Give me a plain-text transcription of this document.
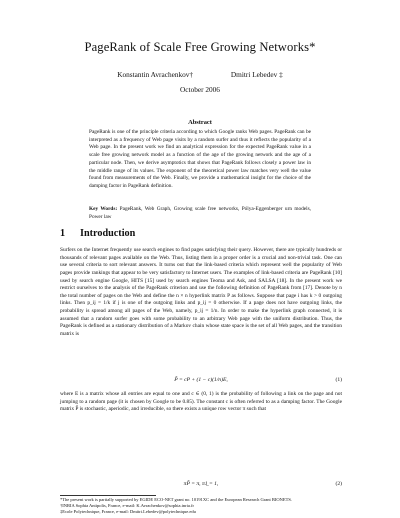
PageRank of Scale Free Growing Networks*
Konstantin Avrachenkov†	Dmitri Lebedev ‡
October 2006
Abstract
PageRank is one of the principle criteria according to which Google ranks Web pages. PageRank can be interpreted as a frequency of Web page visits by a random surfer and thus it reflects the popularity of a Web page. In the present work we find an analytical expression for the expected PageRank value in a scale free growing network model as a function of the age of the growing network and the age of a particular node. Then, we derive asymptotics that shows that PageRank follows closely a power law in the middle range of its values. The exponent of the theoretical power law matches very well the value found from measurements of the Web. Finally, we provide a mathematical insight for the choice of the damping factor in PageRank definition.
Key Words: PageRank, Web Graph, Growing scale free networks, Pólya-Eggenberger urn models, Power law
1 Introduction
Surfers on the Internet frequently use search engines to find pages satisfying their query. However, there are typically hundreds or thousands of relevant pages available on the Web. Thus, listing them in a proper order is a crucial and non-trivial task. One can use several criteria to sort relevant answers. It turns out that the link-based criteria which represent well the popularity of Web pages provide rankings that appear to be very satisfactory to Internet users. The examples of link-based criteria are PageRank [10] used by search engine Google, HITS [15] used by search engines Teoma and Ask, and SALSA [18]. In the present work we restrict ourselves to the analysis of the PageRank criterion and use the following definition of PageRank from [17]. Denote by n the total number of pages on the Web and define the n × n hyperlink matrix P as follows. Suppose that page i has k > 0 outgoing links. Then p_ij = 1/k if j is one of the outgoing links and p_ij = 0 otherwise. If a page does not have outgoing links, the probability is spread among all pages of the Web, namely, p_ij = 1/n. In order to make the hyperlink graph connected, it is assumed that a random surfer goes with some probability to an arbitrary Web page with the uniform distribution. Thus, the PageRank is defined as a stationary distribution of a Markov chain whose state space is the set of all Web pages, and the transition matrix is
P̃ = cP + (1 − c)(1/n)E,	(1)
where E is a matrix whose all entries are equal to one and c ∈ (0, 1) is the probability of following a link on the page and not jumping to a random page (it is chosen by Google to be 0.85). The constant c is often referred to as a damping factor. The Google matrix P̃ is stochastic, aperiodic, and irreducible, so there exists a unique row vector π such that
πP̃ = π, π1̲ = 1,	(2)

*The present work is partially supported by EGIDE ECO-NET grant no. 10191XC and the European Research Grant BIONETS.

†INRIA Sophia Antipolis, France, e-mail: K.Avrachenkov@sophia.inria.fr

‡Ecole Polytechnique, France, e-mail: Dmitri.Lebedev@polytechnique.edu
